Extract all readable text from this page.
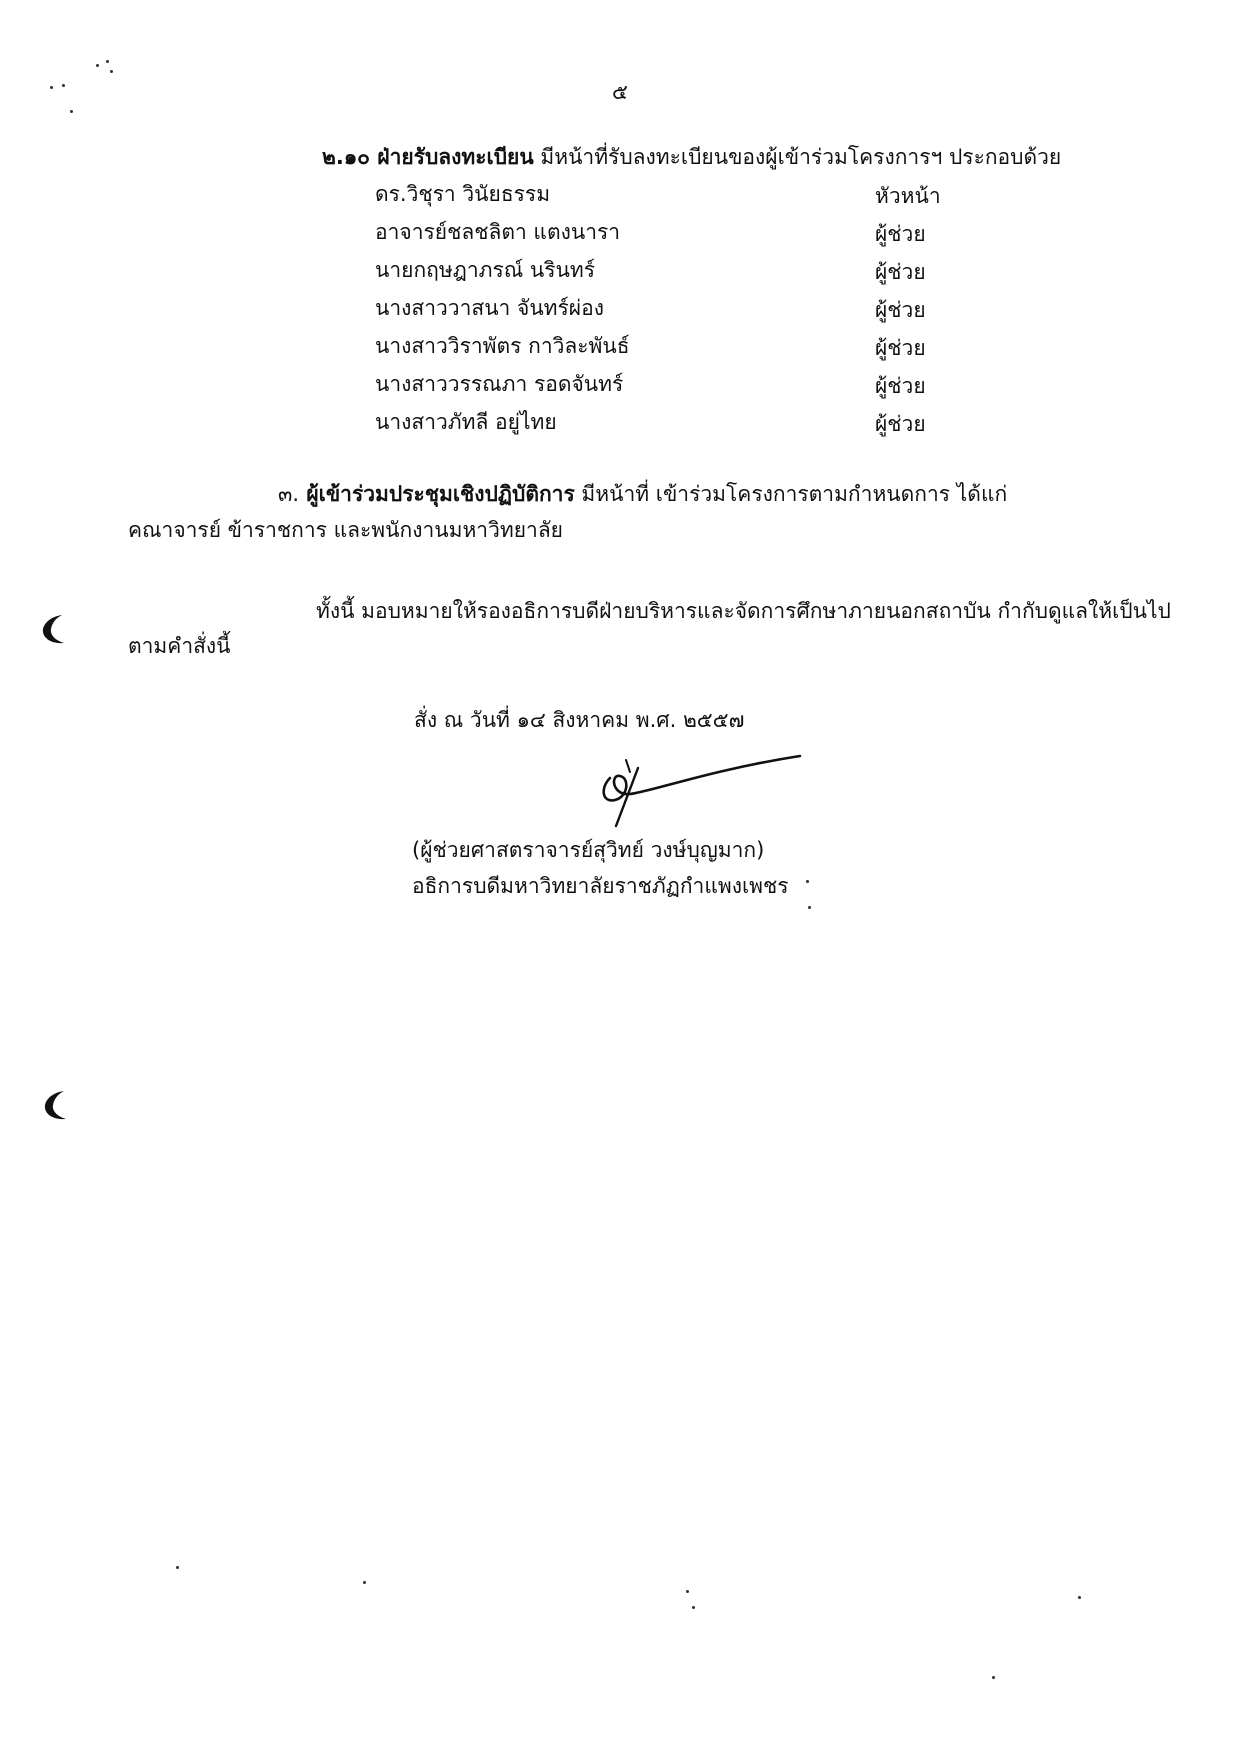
๕
๒.๑๐ ฝ่ายรับลงทะเบียน มีหน้าที่รับลงทะเบียนของผู้เข้าร่วมโครงการฯ ประกอบด้วย
ดร.วิชุรา วินัยธรรม	หัวหน้า
อาจารย์ชลชลิตา แตงนารา	ผู้ช่วย
นายกฤษฎาภรณ์ นรินทร์	ผู้ช่วย
นางสาววาสนา จันทร์ผ่อง	ผู้ช่วย
นางสาววิราพัตร กาวิละพันธ์	ผู้ช่วย
นางสาววรรณภา รอดจันทร์	ผู้ช่วย
นางสาวภัทลี อยู่ไทย	ผู้ช่วย
๓. ผู้เข้าร่วมประชุมเชิงปฏิบัติการ มีหน้าที่ เข้าร่วมโครงการตามกำหนดการ ได้แก่
คณาจารย์ ข้าราชการ และพนักงานมหาวิทยาลัย
ทั้งนี้ มอบหมายให้รองอธิการบดีฝ่ายบริหารและจัดการศึกษาภายนอกสถาบัน กำกับดูแลให้เป็นไป
ตามคำสั่งนี้
สั่ง ณ วันที่ ๑๔ สิงหาคม พ.ศ. ๒๕๕๗
(ผู้ช่วยศาสตราจารย์สุวิทย์ วงษ์บุญมาก)
อธิการบดีมหาวิทยาลัยราชภัฏกำแพงเพชร
